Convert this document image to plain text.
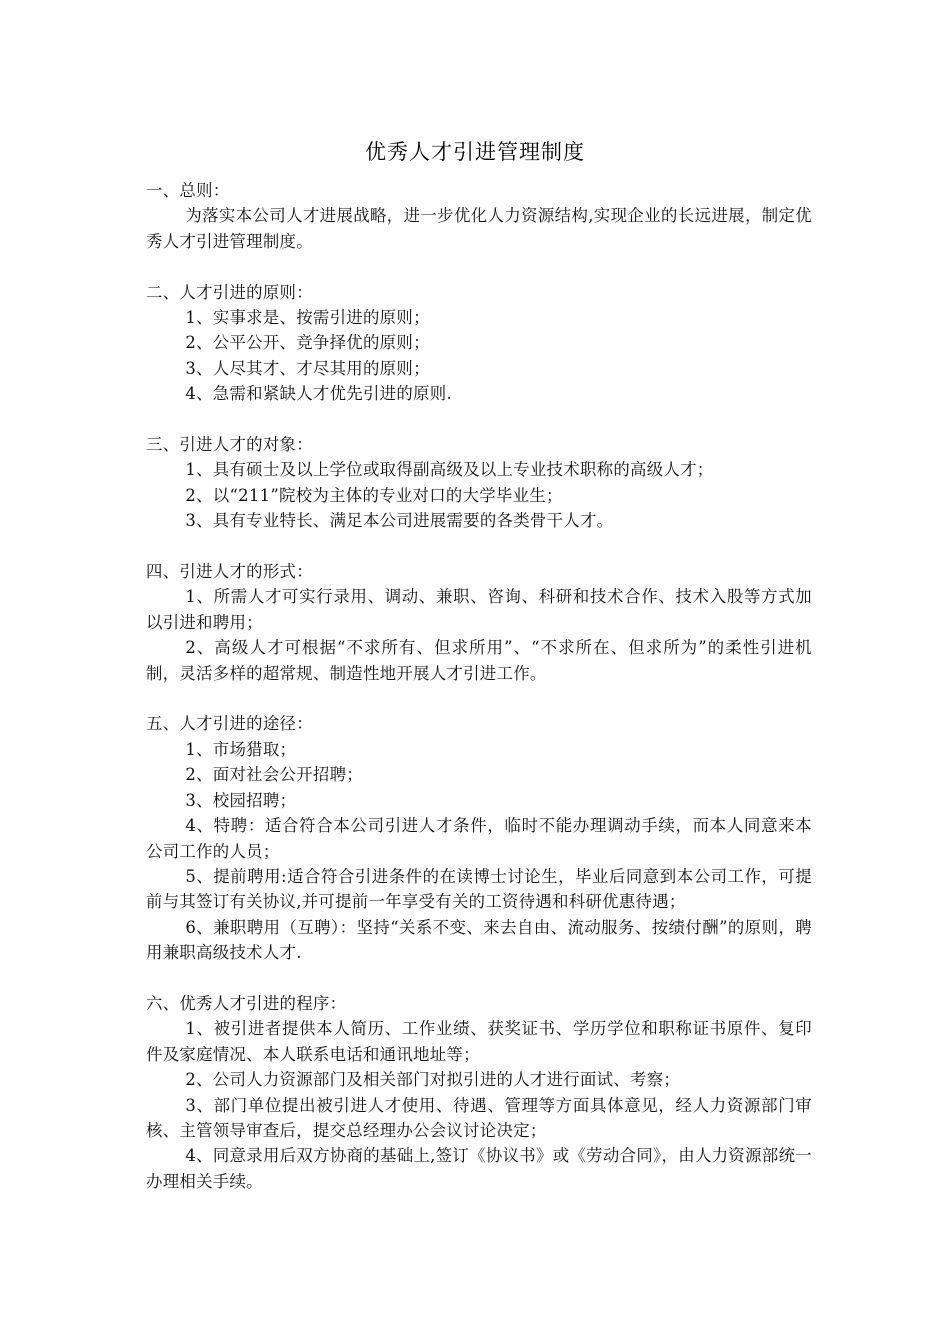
优秀人才引进管理制度

一、总则：

为落实本公司人才进展战略，进一步优化人力资源结构,实现企业的长远进展，制定优秀人才引进管理制度。

二、人才引进的原则：

1、实事求是、按需引进的原则；

2、公平公开、竞争择优的原则；

3、人尽其才、才尽其用的原则；

4、急需和紧缺人才优先引进的原则.

三、引进人才的对象：

1、具有硕士及以上学位或取得副高级及以上专业技术职称的高级人才；

2、以“211”院校为主体的专业对口的大学毕业生；

3、具有专业特长、满足本公司进展需要的各类骨干人才。

四、引进人才的形式：

1、所需人才可实行录用、调动、兼职、咨询、科研和技术合作、技术入股等方式加以引进和聘用；

2、高级人才可根据“不求所有、但求所用”、“不求所在、但求所为”的柔性引进机制，灵活多样的超常规、制造性地开展人才引进工作。

五、人才引进的途径：

1、市场猎取；

2、面对社会公开招聘；

3、校园招聘；

4、特聘：适合符合本公司引进人才条件，临时不能办理调动手续，而本人同意来本公司工作的人员；

5、提前聘用:适合符合引进条件的在读博士讨论生，毕业后同意到本公司工作，可提前与其签订有关协议,并可提前一年享受有关的工资待遇和科研优惠待遇；

6、兼职聘用（互聘）：坚持“关系不变、来去自由、流动服务、按绩付酬”的原则，聘用兼职高级技术人才.

六、优秀人才引进的程序：

1、被引进者提供本人简历、工作业绩、获奖证书、学历学位和职称证书原件、复印件及家庭情况、本人联系电话和通讯地址等；

2、公司人力资源部门及相关部门对拟引进的人才进行面试、考察；

3、部门单位提出被引进人才使用、待遇、管理等方面具体意见，经人力资源部门审核、主管领导审查后，提交总经理办公会议讨论决定；

4、同意录用后双方协商的基础上,签订《协议书》或《劳动合同》，由人力资源部统一办理相关手续。
